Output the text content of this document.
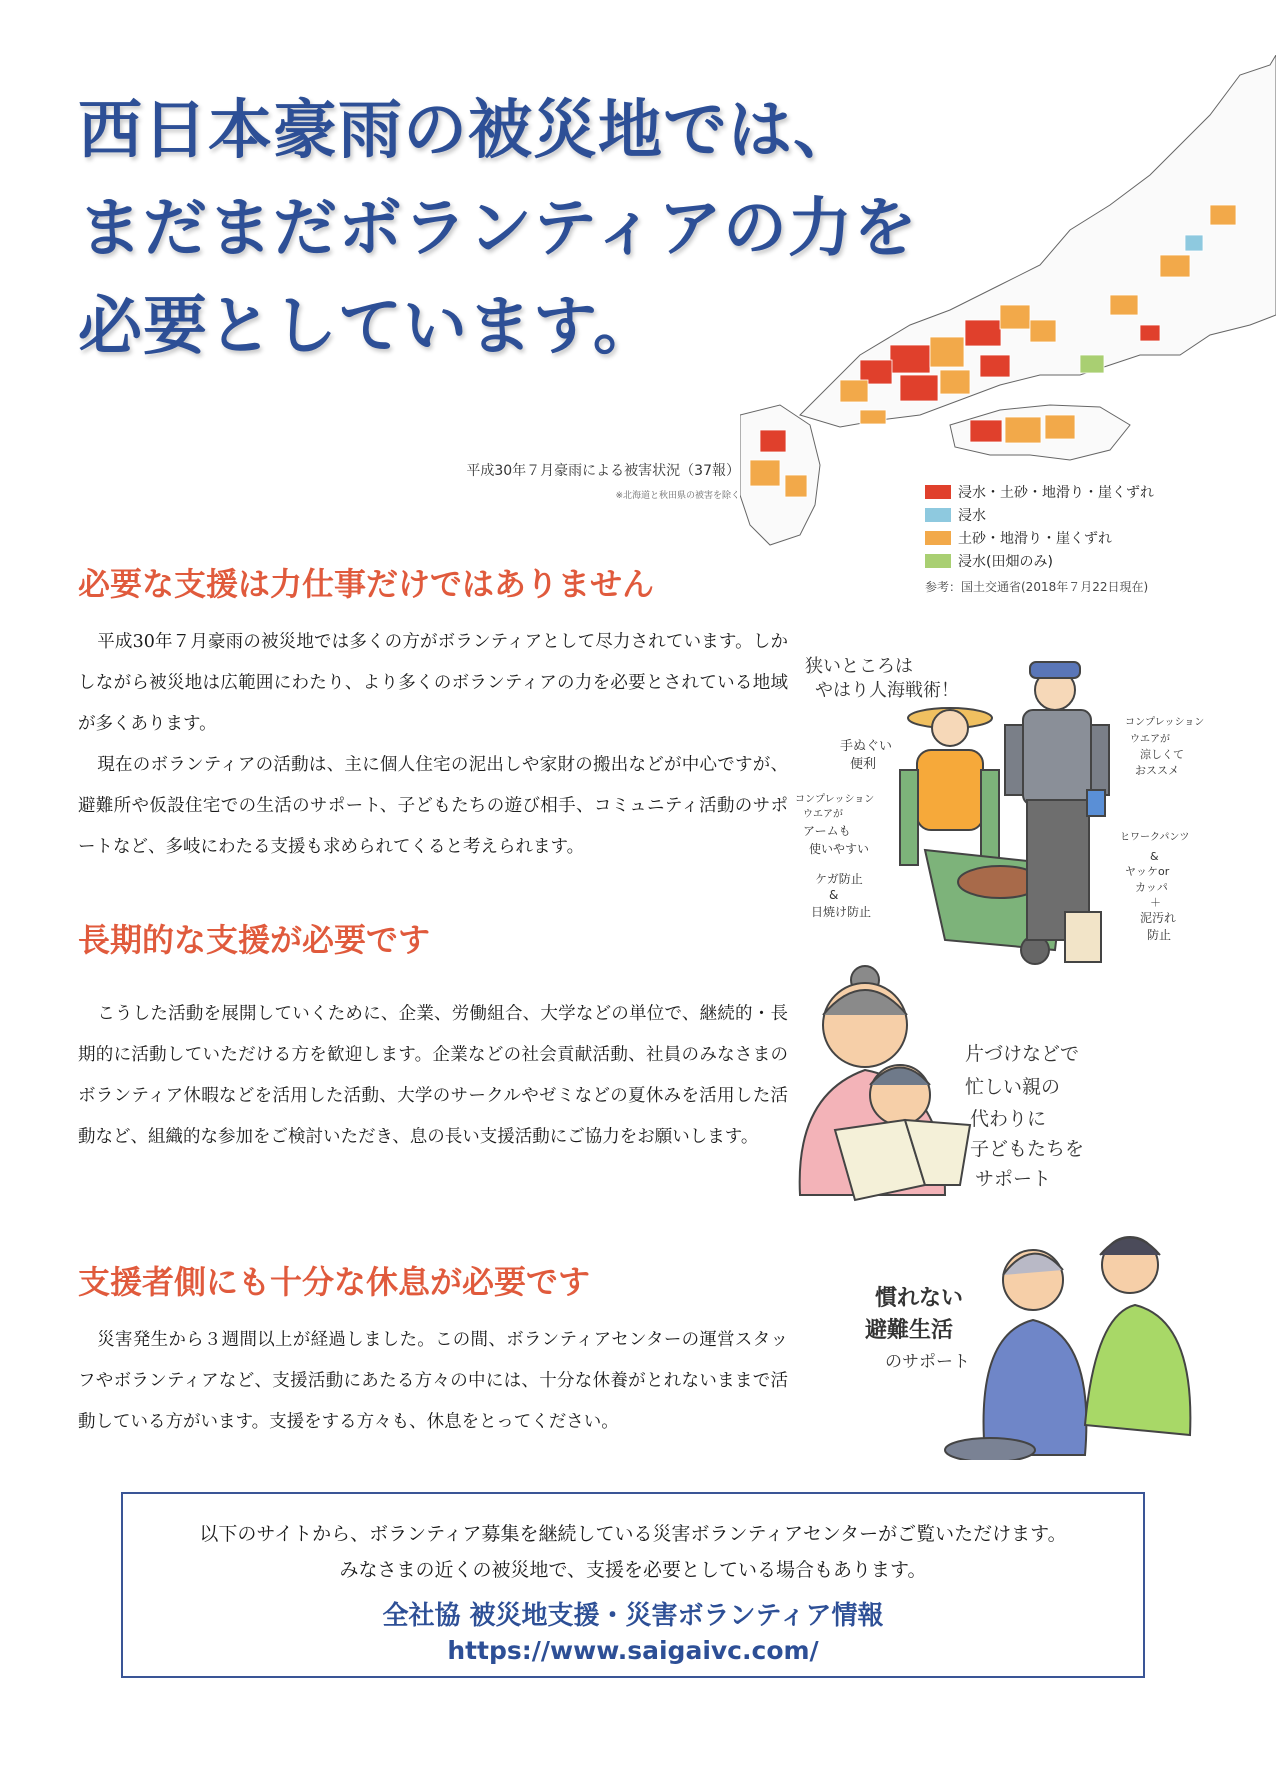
西日本豪雨の被災地では、
まだまだボランティアの力を
必要としています。
平成30年７月豪雨による被害状況（37報）
※北海道と秋田県の被害を除く	浸水・土砂・地滑り・崖くずれ
浸水
土砂・地滑り・崖くずれ
浸水(田畑のみ)
参考：国土交通省(2018年７月22日現在)
必要な支援は力仕事だけではありません

平成30年７月豪雨の被災地では多くの方がボランティアとして尽力されています。しかしながら被災地は広範囲にわたり、より多くのボランティアの力を必要とされている地域が多くあります。

現在のボランティアの活動は、主に個人住宅の泥出しや家財の搬出などが中心ですが、避難所や仮設住宅での生活のサポート、子どもたちの遊び相手、コミュニティ活動のサポートなど、多岐にわたる支援も求められてくると考えられます。

長期的な支援が必要です

こうした活動を展開していくために、企業、労働組合、大学などの単位で、継続的・長期的に活動していただける方を歓迎します。企業などの社会貢献活動、社員のみなさまのボランティア休暇などを活用した活動、大学のサークルやゼミなどの夏休みを活用した活動など、組織的な参加をご検討いただき、息の長い支援活動にご協力をお願いします。

支援者側にも十分な休息が必要です

災害発生から３週間以上が経過しました。この間、ボランティアセンターの運営スタッフやボランティアなど、支援活動にあたる方々の中には、十分な休養がとれないままで活動している方がいます。支援をする方々も、休息をとってください。

狭いところは
やはり人海戦術！
手ぬぐい
便利
コンプレッション
ウエアが
アームも
使いやすい
ケガ防止
&
日焼け防止
コンプレッション
ウエアが
涼しくて
おススメ
ヒワークパンツ
&
ヤッケor
カッパ
＋
泥汚れ
防止
片づけなどで
忙しい親の
代わりに
子どもたちを
サポート
慣れない
避難生活
のサポート
以下のサイトから、ボランティア募集を継続している災害ボランティアセンターがご覧いただけます。
みなさまの近くの被災地で、支援を必要としている場合もあります。
全社協 被災地支援・災害ボランティア情報
https://www.saigaivc.com/
